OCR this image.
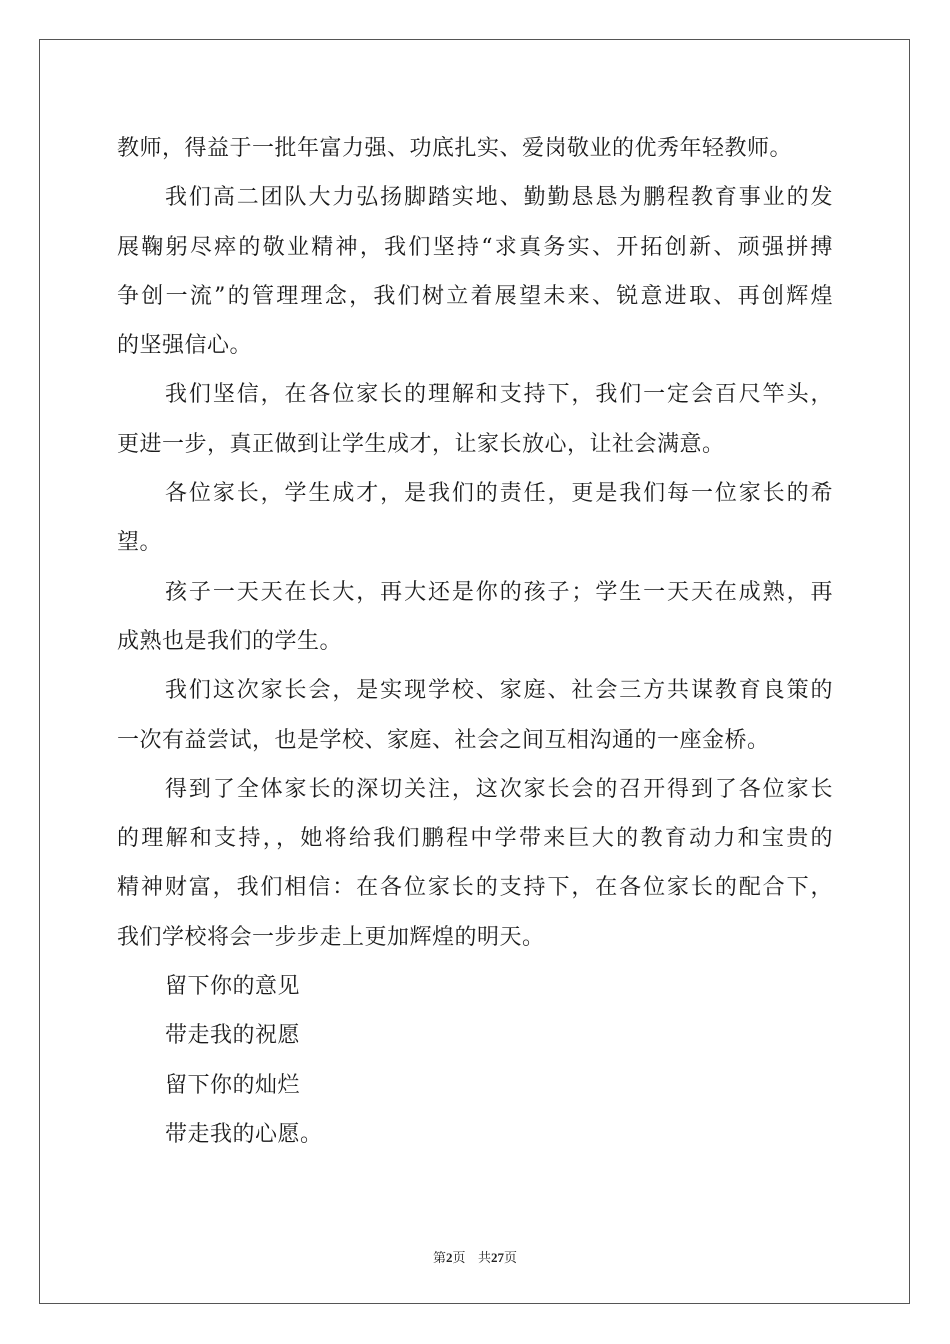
教师，得益于一批年富力强、功底扎实、爱岗敬业的优秀年轻教师。
我们高二团队大力弘扬脚踏实地、勤勤恳恳为鹏程教育事业的发
展鞠躬尽瘁的敬业精神，我们坚持“求真务实、开拓创新、顽强拼搏
争创一流”的管理理念，我们树立着展望未来、锐意进取、再创辉煌
的坚强信心。
我们坚信，在各位家长的理解和支持下，我们一定会百尺竿头，
更进一步，真正做到让学生成才，让家长放心，让社会满意。
各位家长，学生成才，是我们的责任，更是我们每一位家长的希
望。
孩子一天天在长大，再大还是你的孩子；学生一天天在成熟，再
成熟也是我们的学生。
我们这次家长会，是实现学校、家庭、社会三方共谋教育良策的
一次有益尝试，也是学校、家庭、社会之间互相沟通的一座金桥。
得到了全体家长的深切关注，这次家长会的召开得到了各位家长
的理解和支持，，她将给我们鹏程中学带来巨大的教育动力和宝贵的
精神财富，我们相信：在各位家长的支持下，在各位家长的配合下，
我们学校将会一步步走上更加辉煌的明天。
留下你的意见
带走我的祝愿
留下你的灿烂
带走我的心愿。
第2页 共27页
